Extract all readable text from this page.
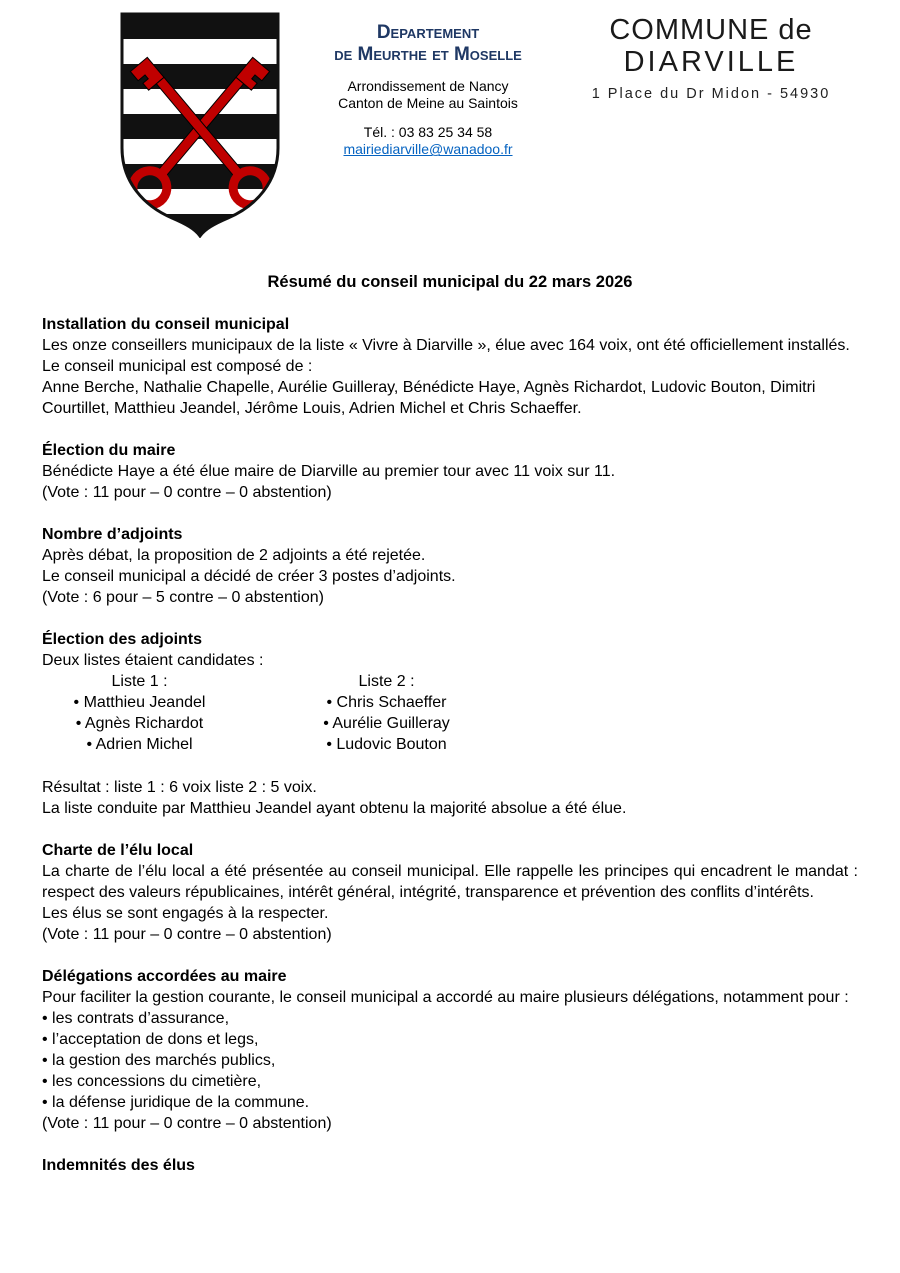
Departement
de Meurthe et Moselle
Arrondissement de Nancy
Canton de Meine au Saintois
Tél. : 03 83 25 34 58
mairiediarville@wanadoo.fr
COMMUNE de
DIARVILLE
1 Place du Dr Midon - 54930
Résumé du conseil municipal du 22 mars 2026
Installation du conseil municipal

Les onze conseillers municipaux de la liste « Vivre à Diarville », élue avec 164 voix, ont été officiellement installés.

Le conseil municipal est composé de :

Anne Berche, Nathalie Chapelle, Aurélie Guilleray, Bénédicte Haye, Agnès Richardot, Ludovic Bouton, Dimitri Courtillet, Matthieu Jeandel, Jérôme Louis, Adrien Michel et Chris Schaeffer.

Élection du maire

Bénédicte Haye a été élue maire de Diarville au premier tour avec 11 voix sur 11.

(Vote : 11 pour – 0 contre – 0 abstention)

Nombre d’adjoints

Après débat, la proposition de 2 adjoints a été rejetée.

Le conseil municipal a décidé de créer 3 postes d’adjoints.

(Vote : 6 pour – 5 contre – 0 abstention)

Élection des adjoints

Deux listes étaient candidates :

Liste 1 :
• Matthieu Jeandel
• Agnès Richardot
• Adrien Michel
Liste 2 :
• Chris Schaeffer
• Aurélie Guilleray
• Ludovic Bouton

Résultat : liste 1 : 6 voix liste 2 : 5 voix.

La liste conduite par Matthieu Jeandel ayant obtenu la majorité absolue a été élue.

Charte de l’élu local

La charte de l’élu local a été présentée au conseil municipal. Elle rappelle les principes qui encadrent le mandat : respect des valeurs républicaines, intérêt général, intégrité, transparence et prévention des conflits d’intérêts.

Les élus se sont engagés à la respecter.

(Vote : 11 pour – 0 contre – 0 abstention)

Délégations accordées au maire

Pour faciliter la gestion courante, le conseil municipal a accordé au maire plusieurs délégations, notamment pour :

• les contrats d’assurance,

• l’acceptation de dons et legs,

• la gestion des marchés publics,

• les concessions du cimetière,

• la défense juridique de la commune.

(Vote : 11 pour – 0 contre – 0 abstention)

Indemnités des élus
